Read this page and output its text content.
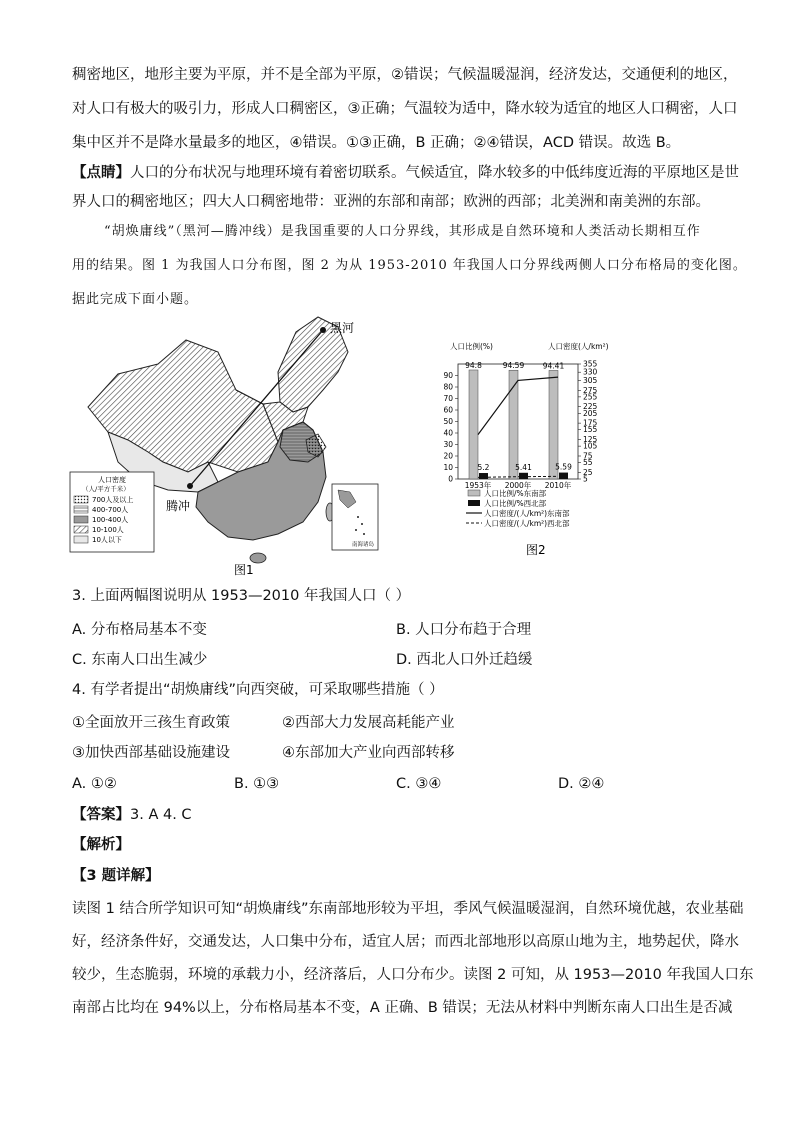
稠密地区，地形主要为平原，并不是全部为平原，②错误；气候温暖湿润，经济发达，交通便利的地区，
对人口有极大的吸引力，形成人口稠密区，③正确；气温较为适中，降水较为适宜的地区人口稠密，人口
集中区并不是降水量最多的地区，④错误。①③正确，B 正确；②④错误，ACD 错误。故选 B。
【点睛】人口的分布状况与地理环境有着密切联系。气候适宜，降水较多的中低纬度近海的平原地区是世
界人口的稠密地区；四大人口稠密地带：亚洲的东部和南部；欧洲的西部；北美洲和南美洲的东部。
“胡焕庸线”（黑河—腾冲线）是我国重要的人口分界线，其形成是自然环境和人类活动长期相互作
用的结果。图 1 为我国人口分布图，图 2 为从 1953-2010 年我国人口分界线两侧人口分布格局的变化图。
据此完成下面小题。
黑河
腾冲
人口密度
（人/平方千米）
700人及以上
400-700人
100-400人
10-100人
10人以下
南海诸岛
图1
人口比例(%)	人口密度(人/km²)
90
80
70
60
50
40
30
20
10
0
355
330
305
275
255
225
205
175
155
125
105
75
55
25
5
94.8
5.2
94.59
5.41
94.41
5.59
1953年 2000年 2010年
人口比例/%东南部
人口比例/%西北部
人口密度/(人/km²)东南部
人口密度/(人/km²)西北部
图2
3. 上面两幅图说明从 1953—2010 年我国人口（ ）
A. 分布格局基本不变	B. 人口分布趋于合理
C. 东南人口出生减少	D. 西北人口外迁趋缓
4. 有学者提出“胡焕庸线”向西突破，可采取哪些措施（ ）
①全面放开三孩生育政策	②西部大力发展高耗能产业
③加快西部基础设施建设	④东部加大产业向西部转移
A. ①②	B. ①③	C. ③④	D. ②④
【答案】3. A 4. C
【解析】
【3 题详解】
读图 1 结合所学知识可知“胡焕庸线”东南部地形较为平坦，季风气候温暖湿润，自然环境优越，农业基础
好，经济条件好，交通发达，人口集中分布，适宜人居；而西北部地形以高原山地为主，地势起伏，降水
较少，生态脆弱，环境的承载力小，经济落后，人口分布少。读图 2 可知，从 1953—2010 年我国人口东
南部占比均在 94%以上，分布格局基本不变，A 正确、B 错误；无法从材料中判断东南人口出生是否减
